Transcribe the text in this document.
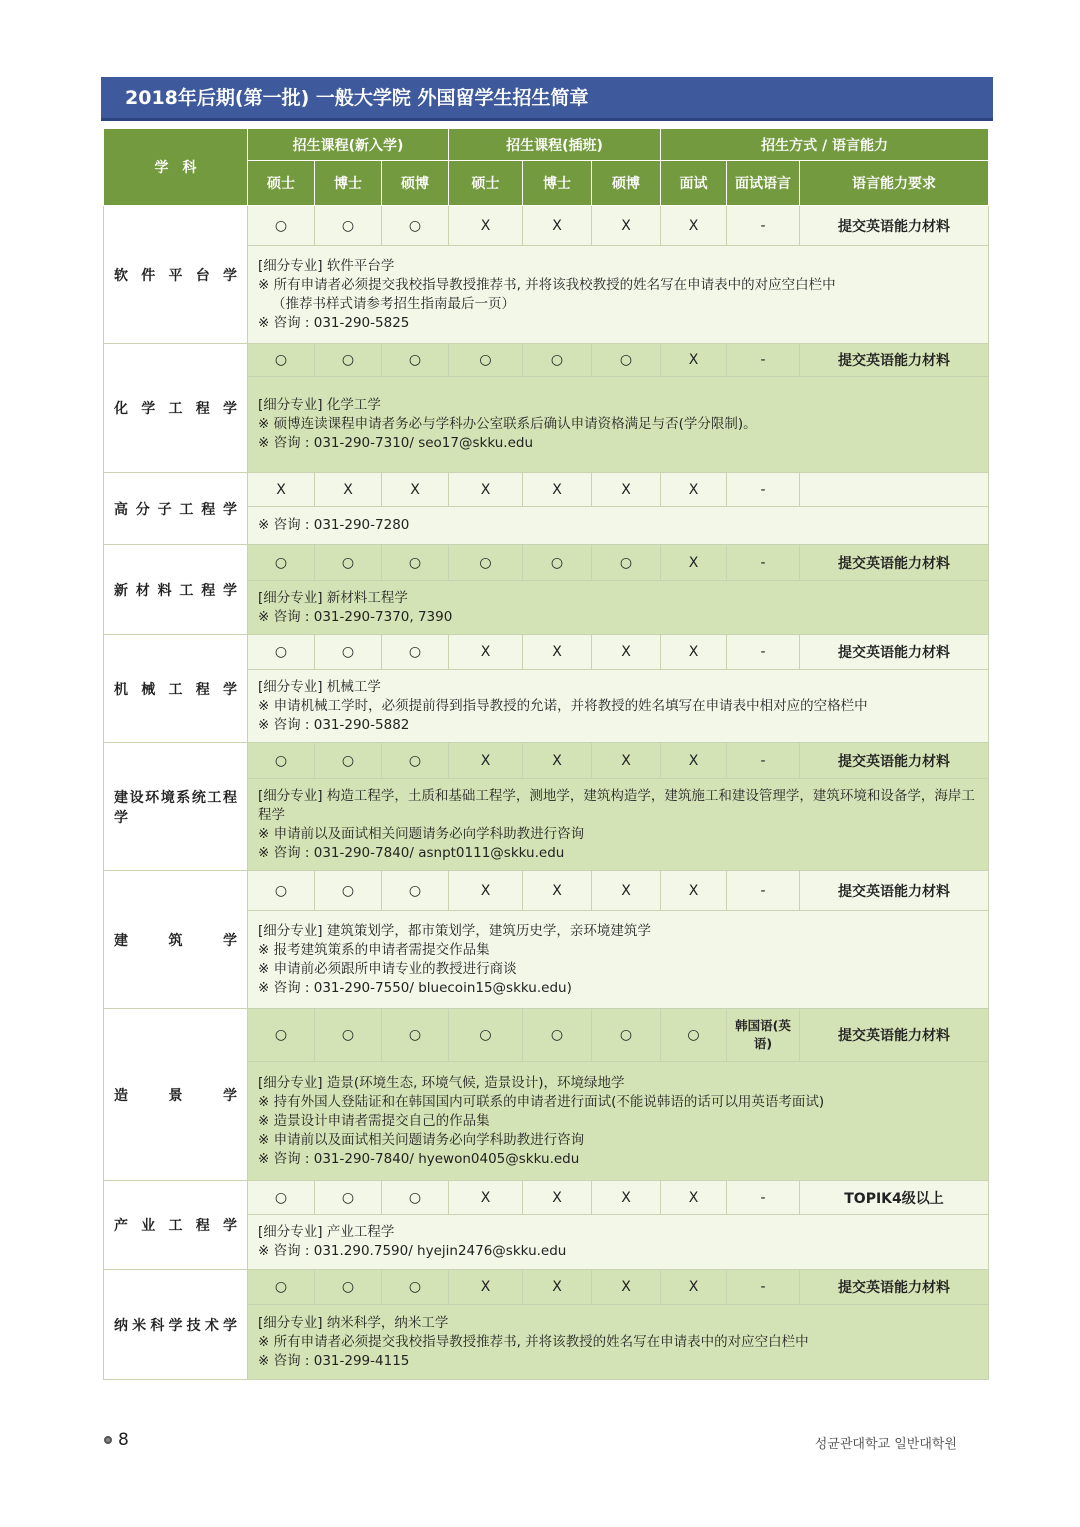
2018年后期(第一批) 一般大学院 外国留学生招生简章
学　科	招生课程(新入学)			招生课程(插班)			招生方式 / 语言能力		
	硕士	博士	硕博	硕士	博士	硕博	面试	面试语言	语言能力要求

软件平台学	○	○	○	X	X	X	X	-	提交英语能力材料

	[细分专业] 软件平台学
※ 所有申请者必须提交我校指导教授推荐书, 并将该我校教授的姓名写在申请表中的对应空白栏中
（推荐书样式请参考招生指南最后一页）
※ 咨询 : 031-290-5825								

化学工程学	○	○	○	○	○	○	X	-	提交英语能力材料

	[细分专业] 化学工学
※ 硕博连读课程申请者务必与学科办公室联系后确认申请资格满足与否(学分限制)。
※ 咨询 : 031-290-7310/ seo17@skku.edu								

高分子工程学	X	X	X	X	X	X	X	-	

	※ 咨询 : 031-290-7280								

新材料工程学	○	○	○	○	○	○	X	-	提交英语能力材料

	[细分专业] 新材料工程学
※ 咨询 : 031-290-7370, 7390								

机械工程学	○	○	○	X	X	X	X	-	提交英语能力材料

	[细分专业] 机械工学
※ 申请机械工学时，必须提前得到指导教授的允诺，并将教授的姓名填写在申请表中相对应的空格栏中
※ 咨询 : 031-290-5882								

建设环境系统工程学	○	○	○	X	X	X	X	-	提交英语能力材料

	[细分专业] 构造工程学，土质和基础工程学，测地学，建筑构造学，建筑施工和建设管理学，建筑环境和设备学，海岸工程学
※ 申请前以及面试相关问题请务必向学科助教进行咨询
※ 咨询 : 031-290-7840/ asnpt0111@skku.edu								

建筑学	○	○	○	X	X	X	X	-	提交英语能力材料

	[细分专业] 建筑策划学，都市策划学，建筑历史学，亲环境建筑学
※ 报考建筑策系的申请者需提交作品集
※ 申请前必须跟所申请专业的教授进行商谈
※ 咨询 : 031-290-7550/ bluecoin15@skku.edu)								

造景学	○	○	○	○	○	○	○	韩国语(英语)	提交英语能力材料

	[细分专业] 造景(环境生态, 环境气候, 造景设计)，环境绿地学
※ 持有外国人登陆证和在韩国国内可联系的申请者进行面试(不能说韩语的话可以用英语考面试)
※ 造景设计申请者需提交自己的作品集
※ 申请前以及面试相关问题请务必向学科助教进行咨询
※ 咨询 : 031-290-7840/ hyewon0405@skku.edu								

产业工程学	○	○	○	X	X	X	X	-	TOPIK4级以上

	[细分专业] 产业工程学
※ 咨询 : 031.290.7590/ hyejin2476@skku.edu								

纳米科学技术学	○	○	○	X	X	X	X	-	提交英语能力材料

	[细分专业] 纳米科学，纳米工学
※ 所有申请者必须提交我校指导教授推荐书, 并将该教授的姓名写在申请表中的对应空白栏中
※ 咨询 : 031-299-4115								
8	성균관대학교 일반대학원
